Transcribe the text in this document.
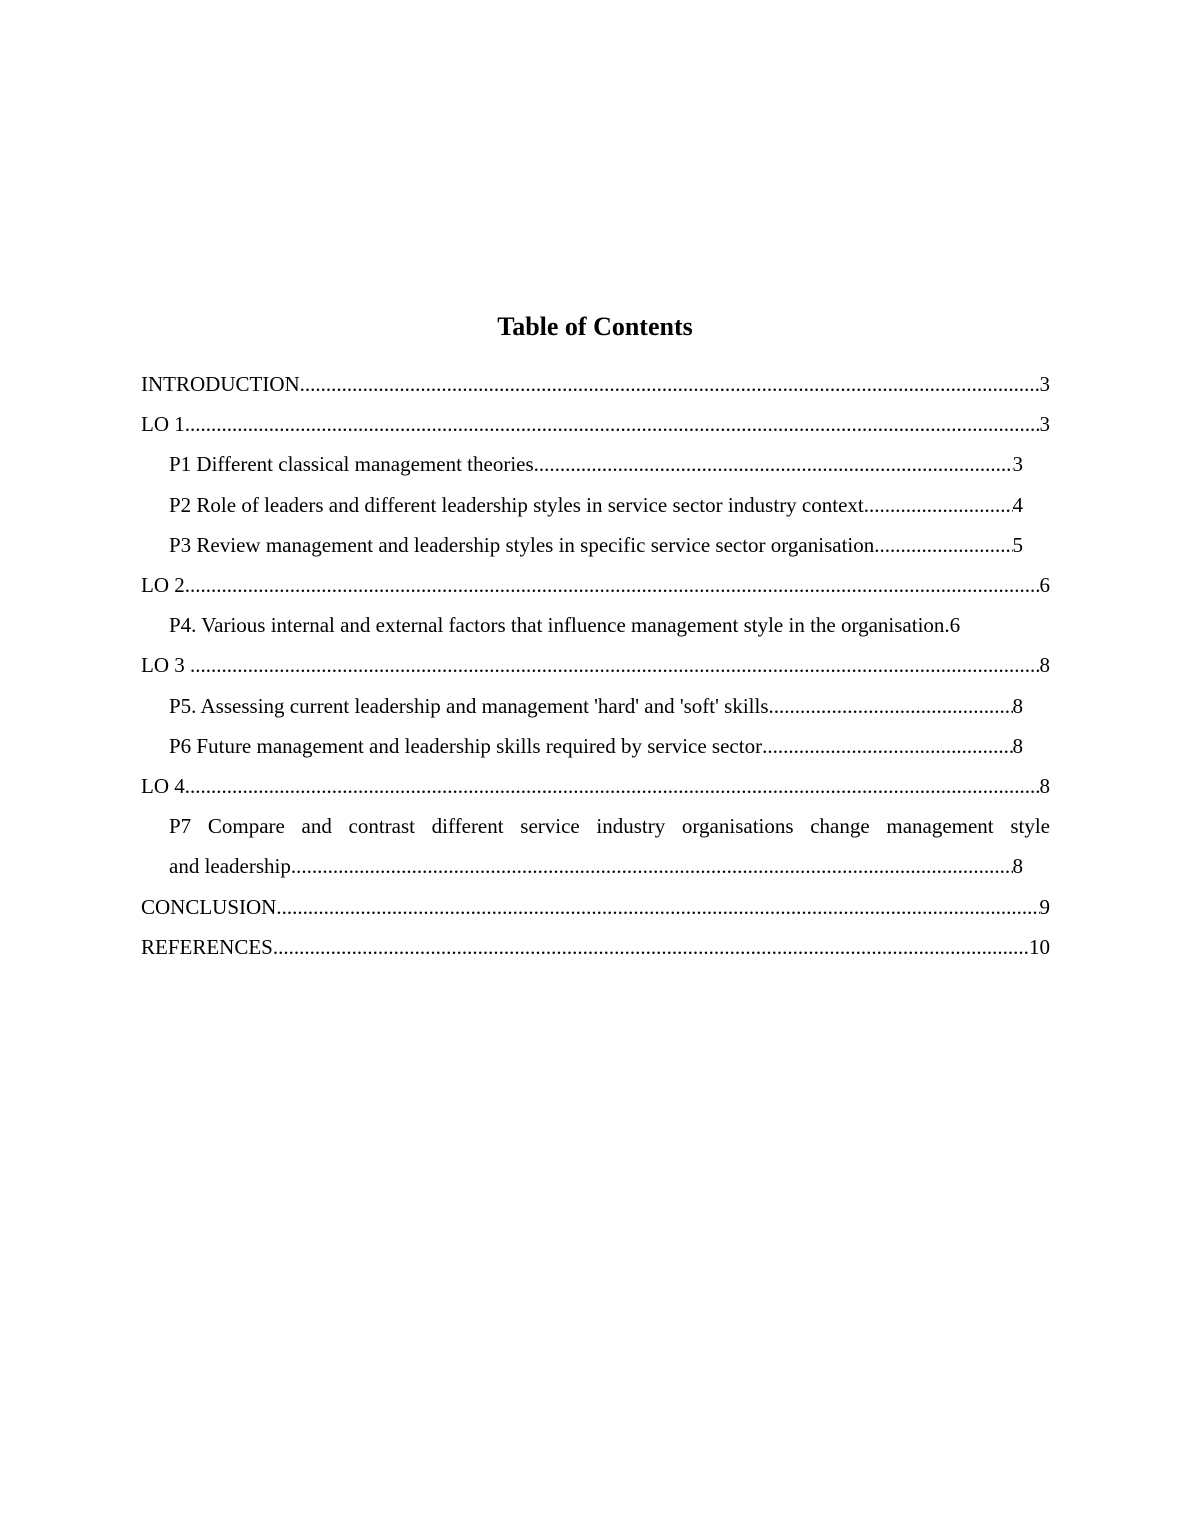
Table of Contents
INTRODUCTION .....	3
LO 1 .....	3
P1 Different classical management theories .....	3
P2 Role of leaders and different leadership styles in service sector industry context .....	4
P3 Review management and leadership styles in specific service sector organisation .....	5
LO 2 .....	6
P4. Various internal and external factors that influence management style in the organisation. 6
LO 3 .....	8
P5. Assessing current leadership and management 'hard' and 'soft' skills .....	8
P6 Future management and leadership skills required by service sector .....	8
LO 4 .....	8
P7 Compare and contrast different service industry organisations change management style
and leadership .....	8
CONCLUSION .....	9
REFERENCES .....	10
